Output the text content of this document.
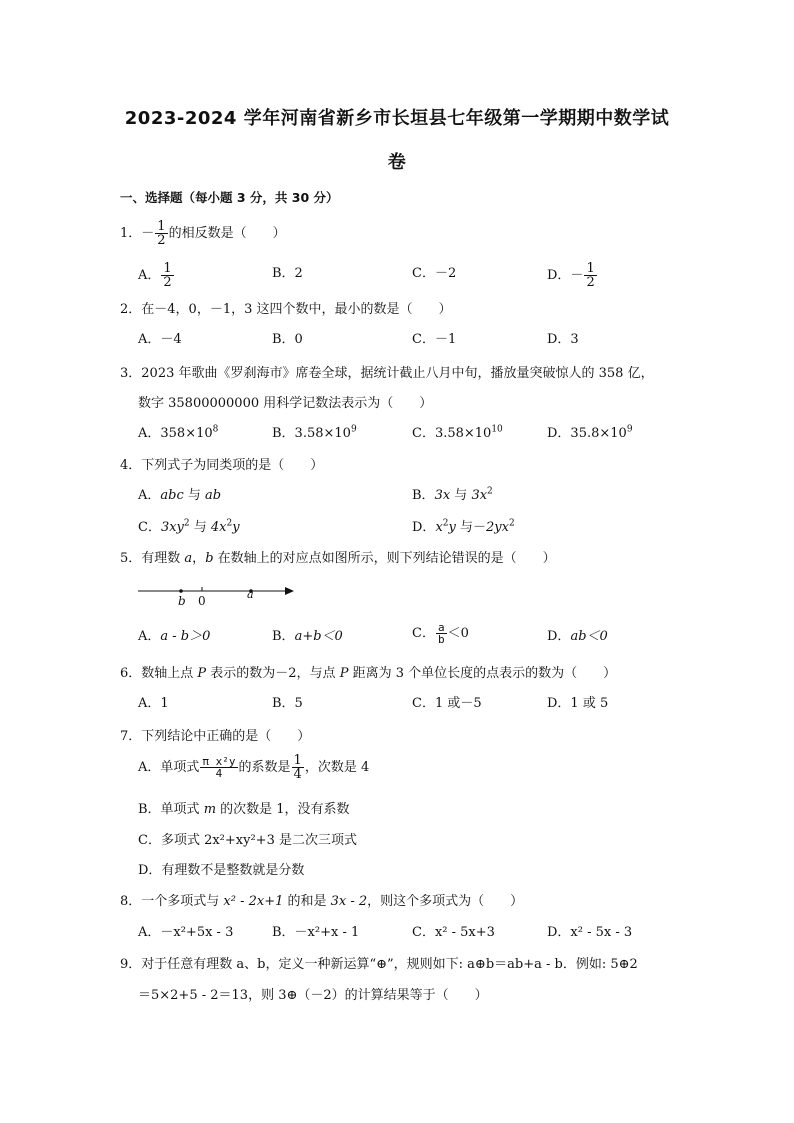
2023-2024 学年河南省新乡市长垣县七年级第一学期期中数学试
卷
一、选择题（每小题 3 分，共 30 分）
1．－ $\frac{1}{2}$ 的相反数是（　　）
A． $\frac{1}{2}$	B．2	C．－2	D．－ $\frac{1}{2}$
2．在－4，0，－1，3 这四个数中，最小的数是（　　）
A．－4	B．0	C．－1	D．3
3．2023 年歌曲《罗刹海市》席卷全球，据统计截止八月中旬，播放量突破惊人的 358 亿，
数字 35800000000 用科学记数法表示为（　　）
A．$358\times 10^8$	B．$3.58\times 10^9$	C．$3.58\times 10^{10}$	D．$35.8\times 10^9$
4．下列式子为同类项的是（　　）
A．abc 与 ab	B．3x 与 $3x^2$
C．$3xy^2$ 与 $4x^2y$	D．$x^2y$ 与$-2yx^2$
5．有理数 a，b 在数轴上的对应点如图所示，则下列结论错误的是（　　）
b 0	a
A．a - b＞0	B．a+b＜0	C． $\frac{a}{b} <0$	D．ab＜0
6．数轴上点 P 表示的数为－2，与点 P 距离为 3 个单位长度的点表示的数为（　　）
A．1	B．5	C．1 或－5	D．1 或 5
7．下列结论中正确的是（　　）
A．单项式 $\frac{\text{π x²y}}{4}$ 的系数是 $\frac{1}{4}$ ，次数是 4
B．单项式 m 的次数是 1，没有系数
C．多项式 2x²+xy²+3 是二次三项式
D．有理数不是整数就是分数
8．一个多项式与 x² - 2x+1 的和是 3x - 2，则这个多项式为（　　）
A．－x²+5x - 3	B．－x²+x - 1	C．x² - 5x+3	D．x² - 5x - 3
9．对于任意有理数 a、b，定义一种新运算“⊕”，规则如下: a⊕b＝ab+a - b．例如: 5⊕2
＝5×2+5 - 2＝13，则 3⊕（－2）的计算结果等于（　　）
